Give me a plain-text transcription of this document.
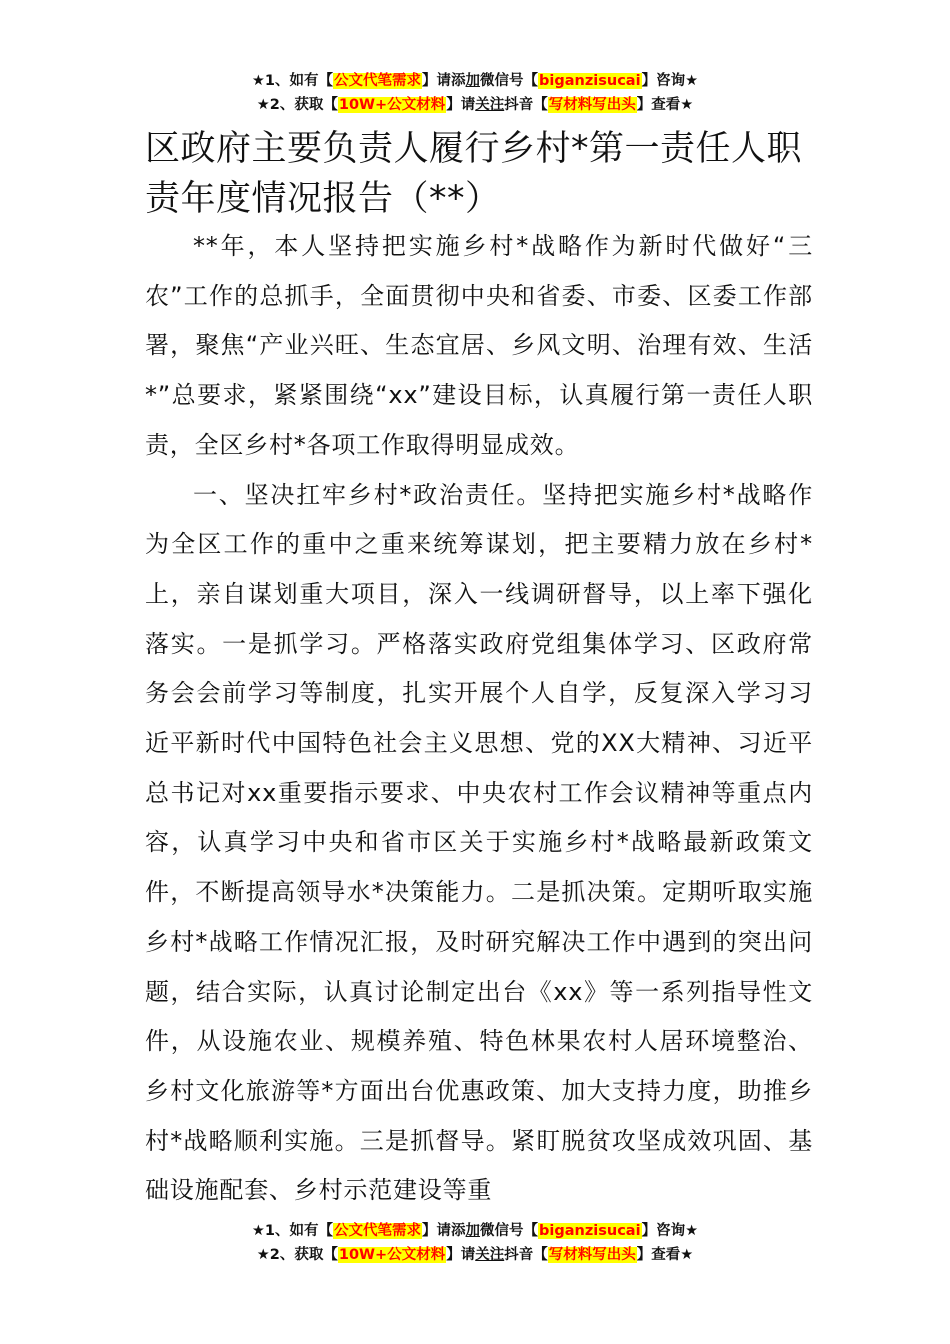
★1、如有【公文代笔需求】请添加微信号【biganzisucai】咨询★
★2、获取【10W+公文材料】请关注抖音【写材料写出头】查看★
区政府主要负责人履行乡村*第一责任人职责年度情况报告（**）

**年，本人坚持把实施乡村*战略作为新时代做好“三农”工作的总抓手，全面贯彻中央和省委、市委、区委工作部署，聚焦“产业兴旺、生态宜居、乡风文明、治理有效、生活*”总要求，紧紧围绕“xx”建设目标，认真履行第一责任人职责，全区乡村*各项工作取得明显成效。

一、坚决扛牢乡村*政治责任。坚持把实施乡村*战略作为全区工作的重中之重来统筹谋划，把主要精力放在乡村*上，亲自谋划重大项目，深入一线调研督导，以上率下强化落实。一是抓学习。严格落实政府党组集体学习、区政府常务会会前学习等制度，扎实开展个人自学，反复深入学习习近平新时代中国特色社会主义思想、党的XX大精神、习近平总书记对xx重要指示要求、中央农村工作会议精神等重点内容，认真学习中央和省市区关于实施乡村*战略最新政策文件，不断提高领导水*决策能力。二是抓决策。定期听取实施乡村*战略工作情况汇报，及时研究解决工作中遇到的突出问题，结合实际，认真讨论制定出台《xx》等一系列指导性文件，从设施农业、规模养殖、特色林果农村人居环境整治、乡村文化旅游等*方面出台优惠政策、加大支持力度，助推乡村*战略顺利实施。三是抓督导。紧盯脱贫攻坚成效巩固、基础设施配套、乡村示范建设等重

★1、如有【公文代笔需求】请添加微信号【biganzisucai】咨询★
★2、获取【10W+公文材料】请关注抖音【写材料写出头】查看★
